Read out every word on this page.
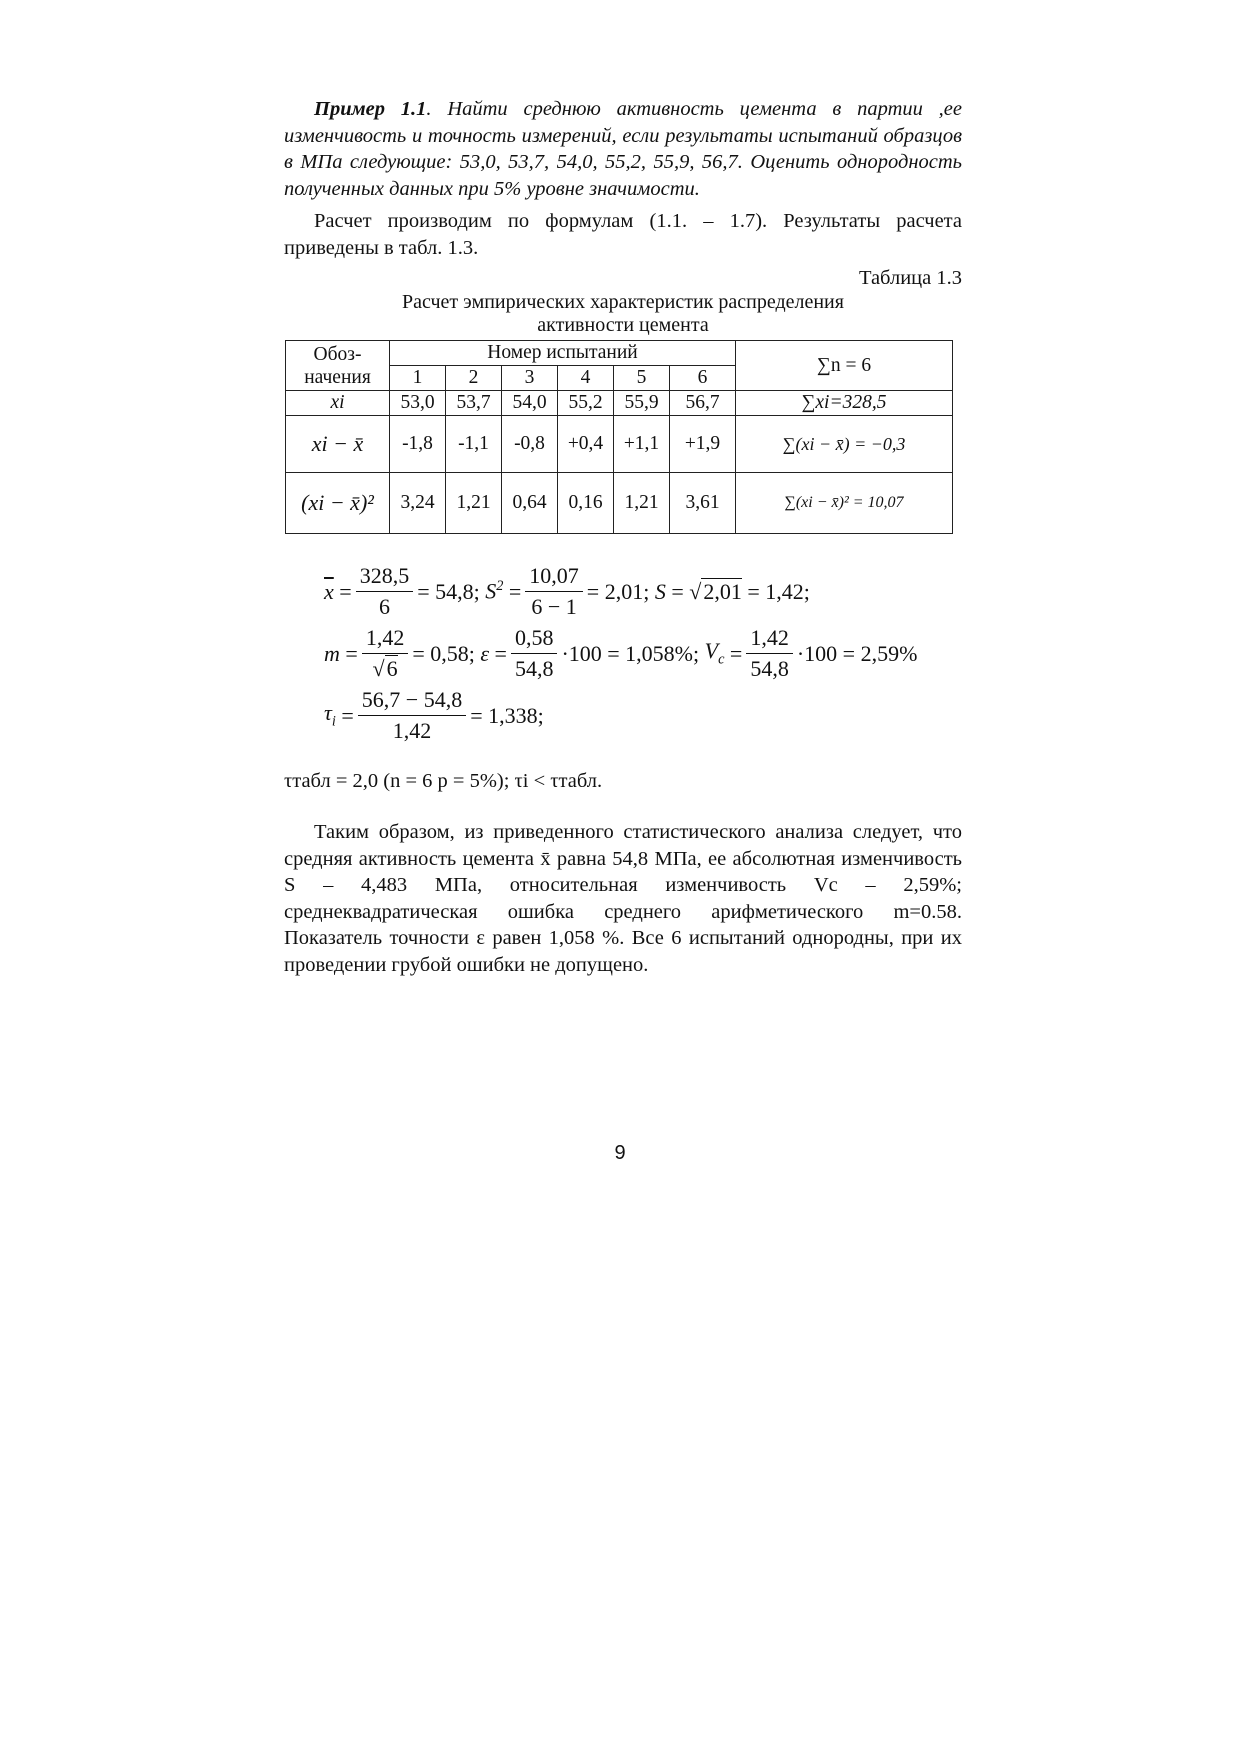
Пример 1.1. Найти среднюю активность цемента в партии ,ее изменчивость и точность измерений, если результаты испытаний образцов в МПа следующие: 53,0, 53,7, 54,0, 55,2, 55,9, 56,7. Оценить однородность полученных данных при 5% уровне значимости.

Расчет производим по формулам (1.1. – 1.7). Результаты расчета приведены в табл. 1.3.

Таблица 1.3

Расчет эмпирических характеристик распределения

активности цемента

Обоз- начения	Номер испытаний						∑n = 6
	1	2	3	4	5	6	
xi	53,0	53,7	54,0	55,2	55,9	56,7	∑xi=328,5
xi − x̄	-1,8	-1,1	-0,8	+0,4	+1,1	+1,9	∑(xi − x̄) = −0,3
(xi − x̄)²	3,24	1,21	0,64	0,16	1,21	3,61	∑(xi − x̄)² = 10,07
$\overline{x} = \frac{328,5}{6} = 54,8$;
$S^2 = \frac{10,07}{6 - 1} = 2,01$;
S = √ 2,01
= 1,42;
$m = \frac{1,42}{√6} = 0,58$;
$\varepsilon = \frac{0,58}{54,8} \cdot 100 = 1,058\%$;
$V_c = \frac{1,42}{54,8} \cdot 100 = 2,59\%$
$\tau_i = \frac{56,7 - 54,8}{1,42} = 1,338$;

τтабл = 2,0 (n = 6 p = 5%); τi < τтабл.

Таким образом, из приведенного статистического анализа следует, что средняя активность цемента x̄ равна 54,8 МПа, ее абсолютная изменчивость S – 4,483 МПа, относительная изменчивость Vc – 2,59%; среднеквадратическая ошибка среднего арифметического m=0.58. Показатель точности ε равен 1,058 %. Все 6 испытаний однородны, при их проведении грубой ошибки не допущено.

9
